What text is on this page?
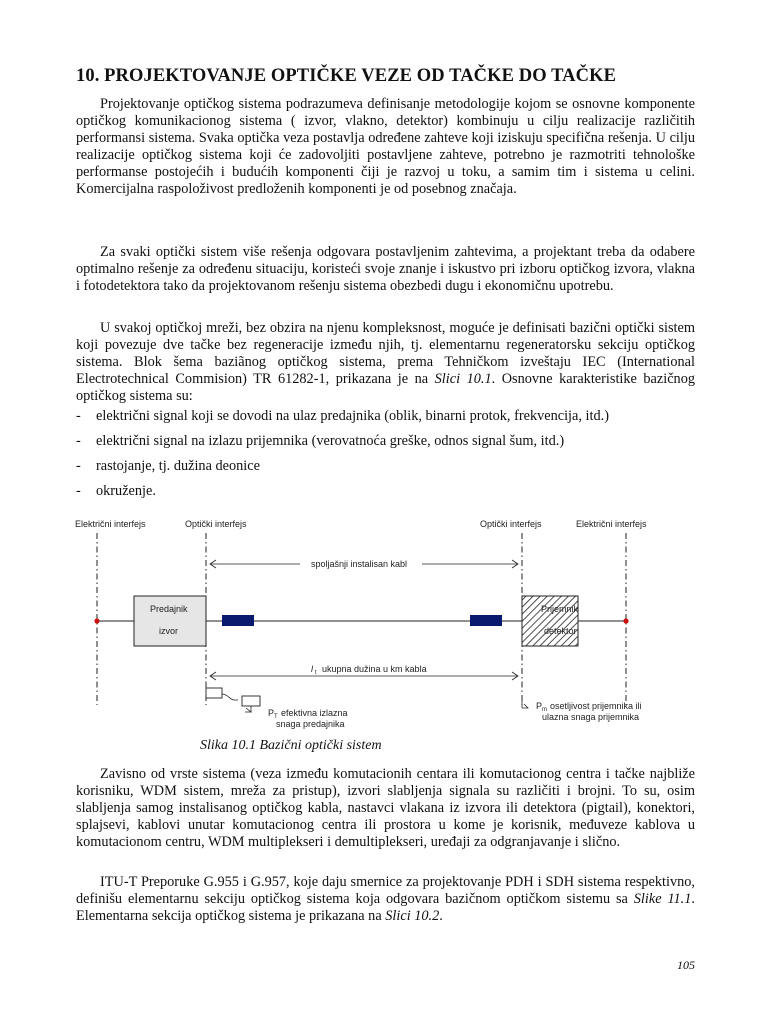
10. PROJEKTOVANJE OPTIČKE VEZE OD TAČKE DO TAČKE

Projektovanje optičkog sistema podrazumeva definisanje metodologije kojom se osnovne komponente optičkog komunikacionog sistema ( izvor, vlakno, detektor) kombinuju u cilju realizacije različitih performansi sistema. Svaka optička veza postavlja određene zahteve koji iziskuju specifična rešenja. U cilju realizacije optičkog sistema koji će zadovoljiti postavljene zahteve, potrebno je razmotriti tehnološke performanse postojećih i budućih komponenti čiji je razvoj u toku, a samim tim i sistema u celini. Komercijalna raspoloživost predloženih komponenti je od posebnog značaja.

Za svaki optički sistem više rešenja odgovara postavljenim zahtevima, a projektant treba da odabere optimalno rešenje za određenu situaciju, koristeći svoje znanje i iskustvo pri izboru optičkog izvora, vlakna i fotodetektora tako da projektovanom rešenju sistema obezbedi dugu i ekonomičnu upotrebu.

U svakoj optičkoj mreži, bez obzira na njenu kompleksnost, moguće je definisati bazični optički sistem koji povezuje dve tačke bez regeneracije između njih, tj. elementarnu regeneratorsku sekciju optičkog sistema. Blok šema baziãnog optičkog sistema, prema Tehničkom izveštaju IEC (International Electrotechnical Commision) TR 61282-1, prikazana je na Slici 10.1. Osnovne karakteristike bazičnog optičkog sistema su:

- električni signal koji se dovodi na ulaz predajnika (oblik, binarni protok, frekvencija, itd.)
- električni signal na izlazu prijemnika (verovatnoća greške, odnos signal šum, itd.)
- rastojanje, tj. dužina deonice
- okruženje.
Električni interfejs	Optički interfejs	Optički interfejs	Električni interfejs
spoljašnji instalisan kabl
Predajnik
izvor
Prijemnik
detektor
l t ukupna dužina u km kabla
P T efektivna izlazna
snaga predajnika
P m osetljivost prijemnika ili
ulazna snaga prijemnika
Slika 10.1 Bazični optički sistem

Zavisno od vrste sistema (veza između komutacionih centara ili komutacionog centra i tačke najbliže korisniku, WDM sistem, mreža za pristup), izvori slabljenja signala su različiti i brojni. To su, osim slabljenja samog instalisanog optičkog kabla, nastavci vlakana iz izvora ili detektora (pigtail), konektori, splajsevi, kablovi unutar komutacionog centra ili prostora u kome je korisnik, međuveze kablova u komutacionom centru, WDM multiplekseri i demultiplekseri, uređaji za odgranjavanje i slično.

ITU-T Preporuke G.955 i G.957, koje daju smernice za projektovanje PDH i SDH sistema respektivno, definišu elementarnu sekciju optičkog sistema koja odgovara bazičnom optičkom sistemu sa Slike 11.1. Elementarna sekcija optičkog sistema je prikazana na Slici 10.2.

105
